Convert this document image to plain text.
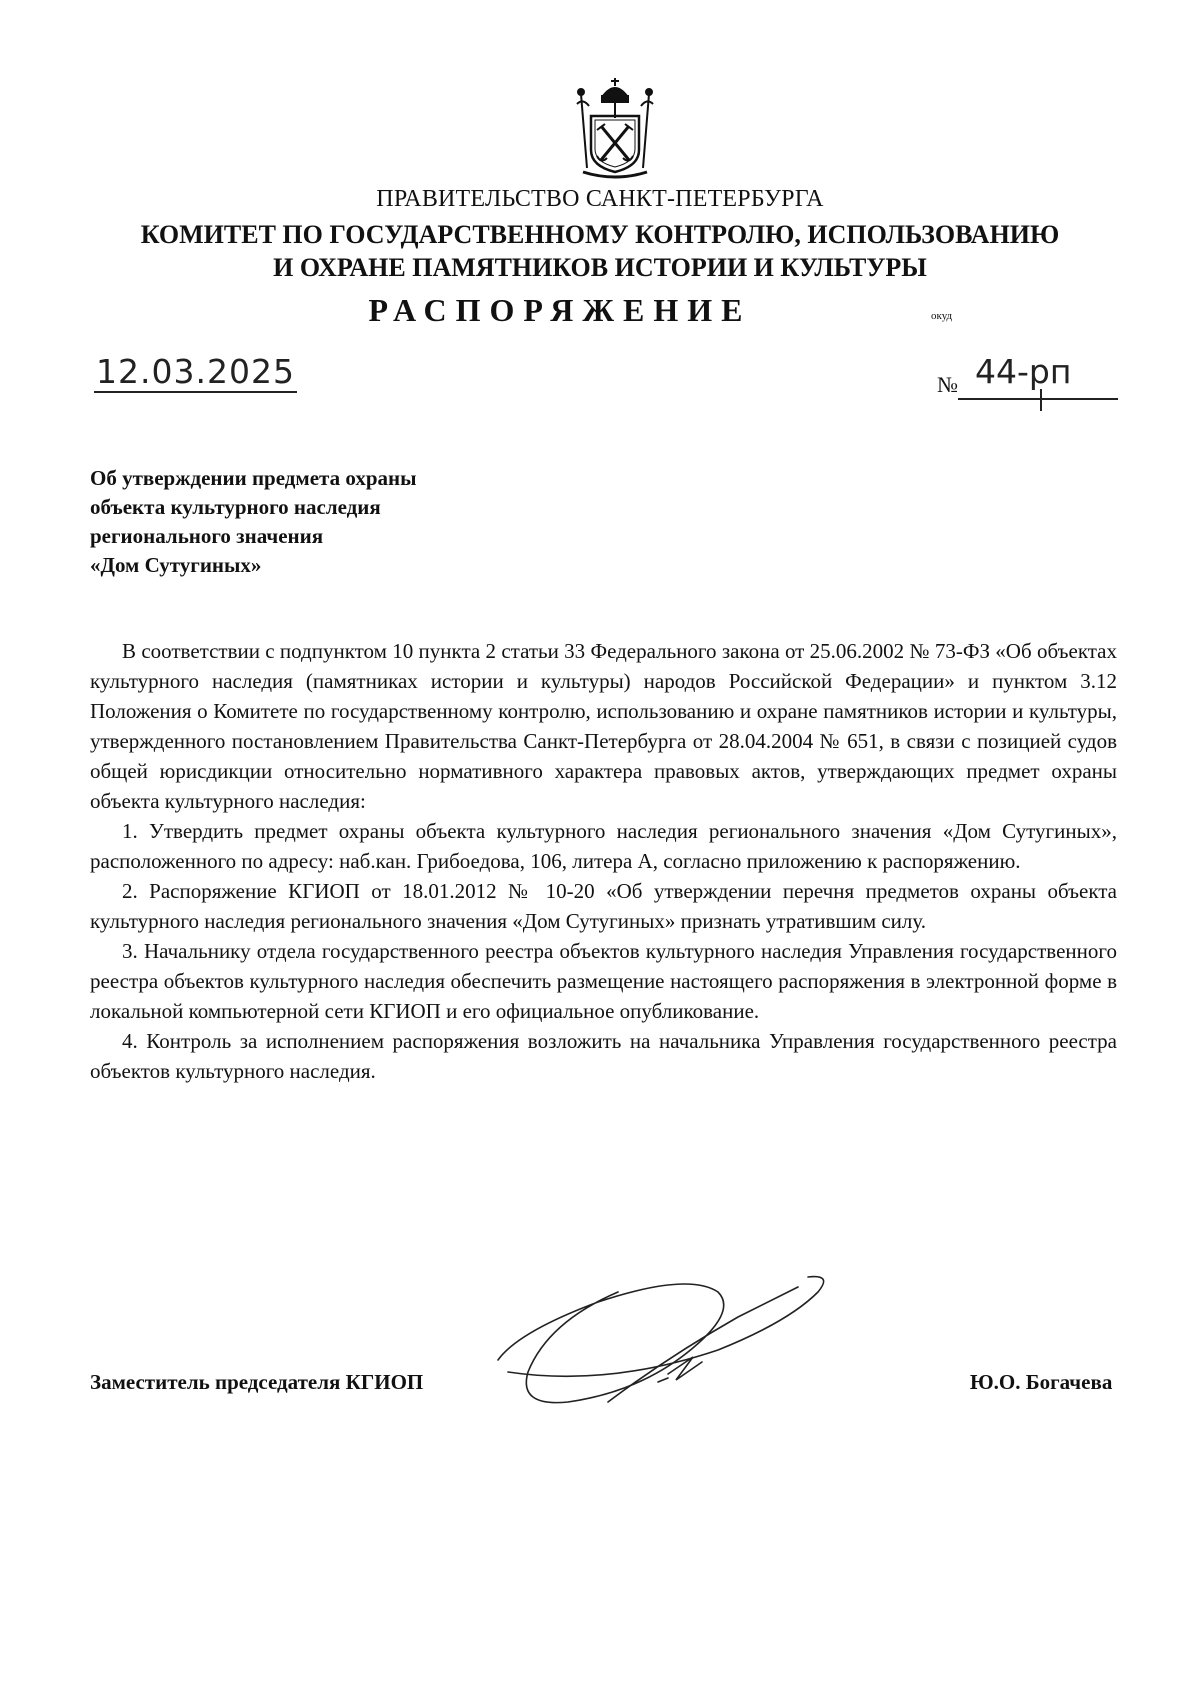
ПРАВИТЕЛЬСТВО САНКТ-ПЕТЕРБУРГА
КОМИТЕТ ПО ГОСУДАРСТВЕННОМУ КОНТРОЛЮ, ИСПОЛЬЗОВАНИЮ
И ОХРАНЕ ПАМЯТНИКОВ ИСТОРИИ И КУЛЬТУРЫ
РАСПОРЯЖЕНИЕ	окуд
12.03.2025	№ 44-рп
Об утверждении предмета охраны
объекта культурного наследия
регионального значения
«Дом Сутугиных»

В соответствии с подпунктом 10 пункта 2 статьи 33 Федерального закона от 25.06.2002 № 73-ФЗ «Об объектах культурного наследия (памятниках истории и культуры) народов Российской Федерации» и пунктом 3.12 Положения о Комитете по государственному контролю, использованию и охране памятников истории и культуры, утвержденного постановлением Правительства Санкт-Петербурга от 28.04.2004 № 651, в связи с позицией судов общей юрисдикции относительно нормативного характера правовых актов, утверждающих предмет охраны объекта культурного наследия:

1. Утвердить предмет охраны объекта культурного наследия регионального значения «Дом Сутугиных», расположенного по адресу: наб.кан. Грибоедова, 106, литера А, согласно приложению к распоряжению.

2. Распоряжение КГИОП от 18.01.2012 № 10-20 «Об утверждении перечня предметов охраны объекта культурного наследия регионального значения «Дом Сутугиных» признать утратившим силу.

3. Начальнику отдела государственного реестра объектов культурного наследия Управления государственного реестра объектов культурного наследия обеспечить размещение настоящего распоряжения в электронной форме в локальной компьютерной сети КГИОП и его официальное опубликование.

4. Контроль за исполнением распоряжения возложить на начальника Управления государственного реестра объектов культурного наследия.

Заместитель председателя КГИОП	Ю.О. Богачева
